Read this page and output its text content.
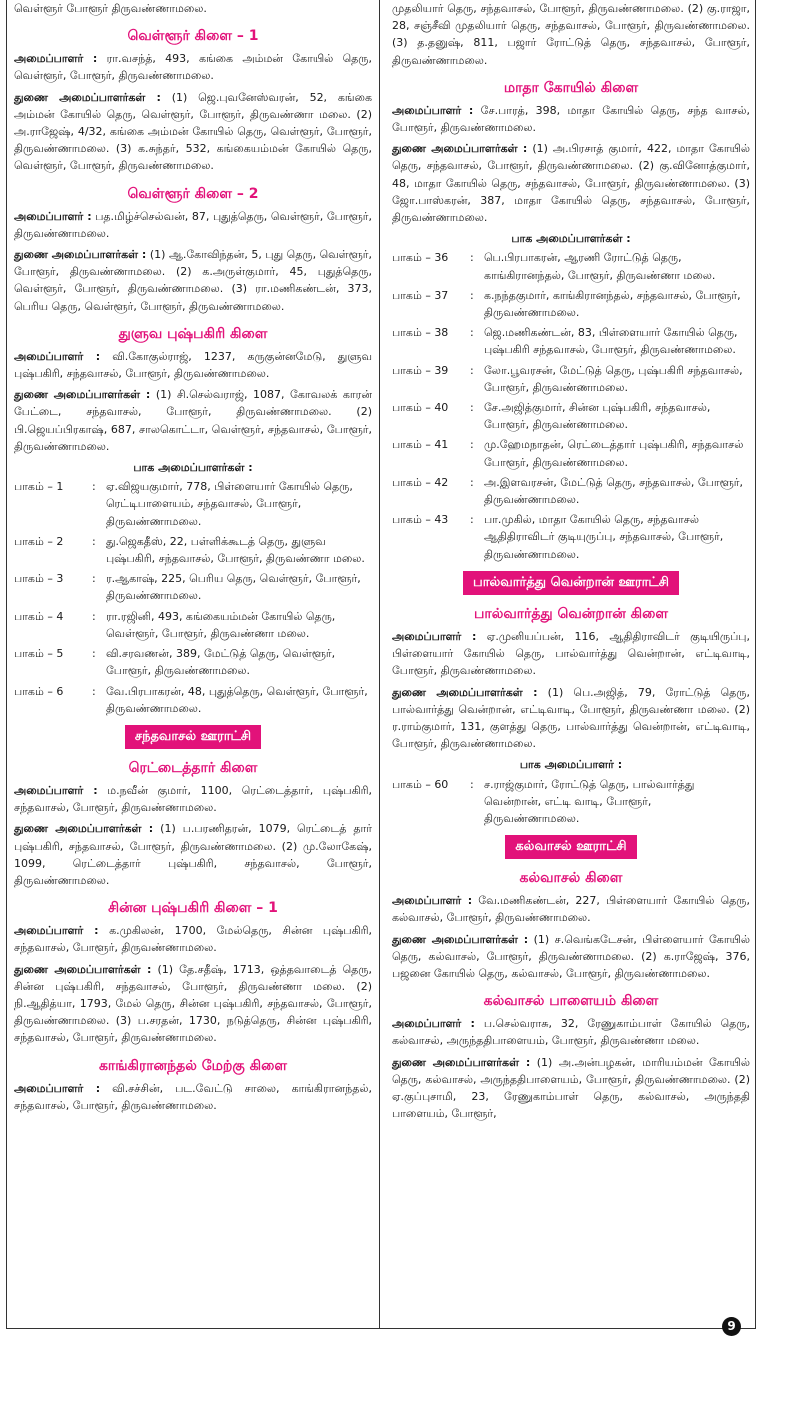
வெள்ளூர் போளூர் திருவண்ணாமலை.
வெள்ளூர் கிளை – 1

அமைப்பாளர் : ரா.வசந்த், 493, கங்கை அம்மன் கோயில் தெரு, வெள்ளூர், போளூர், திருவண்ணாமலை.

துணை அமைப்பாளர்கள் : (1) ஜெ.புவனேஸ்வரன், 52, கங்கை அம்மன் கோயில் தெரு, வெள்ளூர், போளூர், திருவண்ணா மலை. (2) அ.ராஜேஷ், 4/32, கங்கை அம்மன் கோயில் தெரு, வெள்ளூர், போளூர், திருவண்ணாமலை. (3) க.சுந்தர், 532, கங்கையம்மன் கோயில் தெரு, வெள்ளூர், போளூர், திருவண்ணாமலை.

வெள்ளூர் கிளை – 2

அமைப்பாளர் : பத.மிழ்ச்செல்வன், 87, புதுத்தெரு, வெள்ளூர், போளூர், திருவண்ணாமலை.

துணை அமைப்பாளர்கள் : (1) ஆ.கோவிந்தன், 5, புது தெரு, வெள்ளூர், போளூர், திருவண்ணாமலை. (2) க.அருள்குமார், 45, புதுத்தெரு, வெள்ளூர், போளூர், திருவண்ணாமலை. (3) ரா.மணிகண்டன், 373, பெரிய தெரு, வெள்ளூர், போளூர், திருவண்ணாமலை.

துளுவ புஷ்பகிரி கிளை

அமைப்பாளர் : வி.கோகுல்ராஜ், 1237, கருகுன்னமேடு, துளுவ புஷ்பகிரி, சந்தவாசல், போளூர், திருவண்ணாமலை.

துணை அமைப்பாளர்கள் : (1) சி.செல்வராஜ், 1087, கோவலக் காரன் பேட்டை, சந்தவாசல், போளூர், திருவண்ணாமலை. (2) பி.ஜெயப்பிரகாஷ், 687, சாலகொட்டா, வெள்ளூர், சந்தவாசல், போளூர், திருவண்ணாமலை.

பாக அமைப்பாளர்கள் :
பாகம் – 1	: ஏ.விஜயகுமார், 778, பிள்ளையார் கோயில் தெரு, ரெட்டிபாளையம், சந்தவாசல், போளூர், திருவண்ணாமலை.
பாகம் – 2	: து.ஜெகதீஸ், 22, பள்ளிக்கூடத் தெரு, துளுவ புஷ்பகிரி, சந்தவாசல், போளூர், திருவண்ணா மலை.
பாகம் – 3	: ர.ஆகாஷ், 225, பெரிய தெரு, வெள்ளூர், போளூர், திருவண்ணாமலை.
பாகம் – 4	: ரா.ரஜினி, 493, கங்கையம்மன் கோயில் தெரு, வெள்ளூர், போளூர், திருவண்ணா மலை.
பாகம் – 5	: வி.சரவணன், 389, மேட்டுத் தெரு, வெள்ளூர், போளூர், திருவண்ணாமலை.
பாகம் – 6	: வே.பிரபாகரன், 48, புதுத்தெரு, வெள்ளூர், போளூர், திருவண்ணாமலை.
சந்தவாசல் ஊராட்சி
ரெட்டைத்தார் கிளை

அமைப்பாளர் : ம.நவீன் குமார், 1100, ரெட்டைத்தார், புஷ்பகிரி, சந்தவாசல், போளூர், திருவண்ணாமலை.

துணை அமைப்பாளர்கள் : (1) ப.பரணிதரன், 1079, ரெட்டைத் தார் புஷ்பகிரி, சந்தவாசல், போளூர், திருவண்ணாமலை. (2) மு.லோகேஷ், 1099, ரெட்டைத்தார் புஷ்பகிரி, சந்தவாசல், போளூர், திருவண்ணாமலை.

சின்ன புஷ்பகிரி கிளை – 1

அமைப்பாளர் : க.முகிலன், 1700, மேல்தெரு, சின்ன புஷ்பகிரி, சந்தவாசல், போளூர், திருவண்ணாமலை.

துணை அமைப்பாளர்கள் : (1) தே.சதீஷ், 1713, ஒத்தவாடைத் தெரு, சின்ன புஷ்பகிரி, சந்தவாசல், போளூர், திருவண்ணா மலை. (2) நி.ஆதித்யா, 1793, மேல் தெரு, சின்ன புஷ்பகிரி, சந்தவாசல், போளூர், திருவண்ணாமலை. (3) ப.சரதன், 1730, நடுத்தெரு, சின்ன புஷ்பகிரி, சந்தவாசல், போளூர், திருவண்ணாமலை.

காங்கிரானந்தல் மேற்கு கிளை

அமைப்பாளர் : வி.சச்சின், பட.வேட்டு சாலை, காங்கிரானந்தல், சந்தவாசல், போளூர், திருவண்ணாமலை.

முதலியார் தெரு, சந்தவாசல், போளூர், திருவண்ணாமலை. (2) கு.ராஜா, 28, சஞ்சீவி முதலியார் தெரு, சந்தவாசல், போளூர், திருவண்ணாமலை. (3) த.தனுஷ், 811, பஜார் ரோட்டுத் தெரு, சந்தவாசல், போளூர், திருவண்ணாமலை.
மாதா கோயில் கிளை

அமைப்பாளர் : சே.பாரத், 398, மாதா கோயில் தெரு, சந்த வாசல், போளூர், திருவண்ணாமலை.

துணை அமைப்பாளர்கள் : (1) அ.பிரசாத் குமார், 422, மாதா கோயில் தெரு, சந்தவாசல், போளூர், திருவண்ணாமலை. (2) கு.வினோத்குமார், 48, மாதா கோயில் தெரு, சந்தவாசல், போளூர், திருவண்ணாமலை. (3) ஜோ.பாஸ்கரன், 387, மாதா கோயில் தெரு, சந்தவாசல், போளூர், திருவண்ணாமலை.

பாக அமைப்பாளர்கள் :
பாகம் – 36	: பெ.பிரபாகரன், ஆரணி ரோட்டுத் தெரு, காங்கிரானந்தல், போளூர், திருவண்ணா மலை.
பாகம் – 37	: க.நந்தகுமார், காங்கிரானந்தல், சந்தவாசல், போளூர், திருவண்ணாமலை.
பாகம் – 38	: ஜெ.மணிகண்டன், 83, பிள்ளையார் கோயில் தெரு, புஷ்பகிரி சந்தவாசல், போளூர், திருவண்ணாமலை.
பாகம் – 39	: லோ.பூவரசன், மேட்டுத் தெரு, புஷ்பகிரி சந்தவாசல், போளூர், திருவண்ணாமலை.
பாகம் – 40	: சே.அஜித்குமார், சின்ன புஷ்பகிரி, சந்தவாசல், போளூர், திருவண்ணாமலை.
பாகம் – 41	: மு.ஹேமநாதன், ரெட்டைத்தார் புஷ்பகிரி, சந்தவாசல் போளூர், திருவண்ணாமலை.
பாகம் – 42	: அ.இளவரசன், மேட்டுத் தெரு, சந்தவாசல், போளூர், திருவண்ணாமலை.
பாகம் – 43	: பா.முகில், மாதா கோயில் தெரு, சந்தவாசல் ஆதிதிராவிடர் குடியுருப்பு, சந்தவாசல், போளூர், திருவண்ணாமலை.
பால்வார்த்து வென்றான் ஊராட்சி
பால்வார்த்து வென்றான் கிளை

அமைப்பாளர் : ஏ.முனியப்பன், 116, ஆதிதிராவிடர் குடியிருப்பு, பிள்ளையார் கோயில் தெரு, பால்வார்த்து வென்றான், எட்டிவாடி, போளூர், திருவண்ணாமலை.

துணை அமைப்பாளர்கள் : (1) பெ.அஜித், 79, ரோட்டுத் தெரு, பால்வார்த்து வென்றான், எட்டிவாடி, போளூர், திருவண்ணா மலை. (2) ர.ராம்குமார், 131, குளத்து தெரு, பால்வார்த்து வென்றான், எட்டிவாடி, போளூர், திருவண்ணாமலை.

பாக அமைப்பாளர் :
பாகம் – 60	: ச.ராஜ்குமார், ரோட்டுத் தெரு, பால்வார்த்து வென்றான், எட்டி வாடி, போளூர், திருவண்ணாமலை.
கல்வாசல் ஊராட்சி
கல்வாசல் கிளை

அமைப்பாளர் : வே.மணிகண்டன், 227, பிள்ளையார் கோயில் தெரு, கல்வாசல், போளூர், திருவண்ணாமலை.

துணை அமைப்பாளர்கள் : (1) ச.வெங்கடேசன், பிள்ளையார் கோயில் தெரு, கல்வாசல், போளூர், திருவண்ணாமலை. (2) க.ராஜேஷ், 376, பஜனை கோயில் தெரு, கல்வாசல், போளூர், திருவண்ணாமலை.

கல்வாசல் பாளையம் கிளை

அமைப்பாளர் : ப.செல்வராசு, 32, ரேணுகாம்பாள் கோயில் தெரு, கல்வாசல், அருந்ததிபாளையம், போளூர், திருவண்ணா மலை.

துணை அமைப்பாளர்கள் : (1) அ.அன்பழகன், மாரியம்மன் கோயில் தெரு, கல்வாசல், அருந்ததிபாளையம், போளூர், திருவண்ணாமலை. (2) ஏ.குப்புசாமி, 23, ரேணுகாம்பாள் தெரு, கல்வாசல், அருந்ததி பாளையம், போளூர்,

9
